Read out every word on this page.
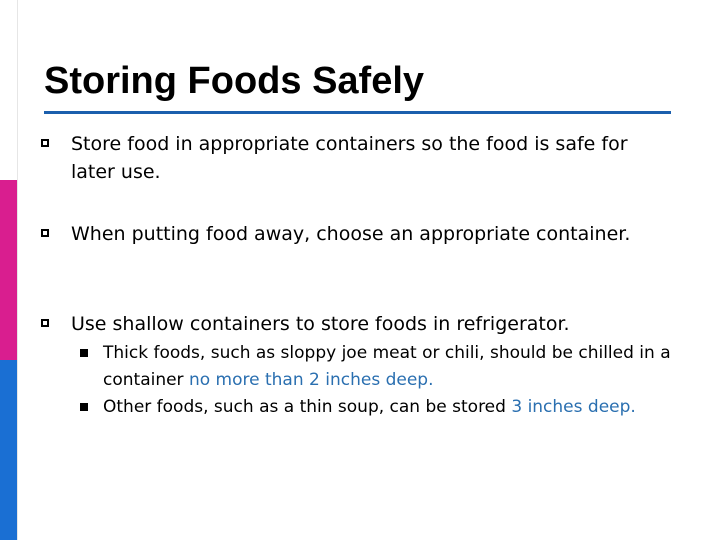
Storing Foods Safely
Store food in appropriate containers so the food is safe for later use.
When putting food away, choose an appropriate container.
Use shallow containers to store foods in refrigerator.
Thick foods, such as sloppy joe meat or chili, should be chilled in a container no more than 2 inches deep.
Other foods, such as a thin soup, can be stored 3 inches deep.
